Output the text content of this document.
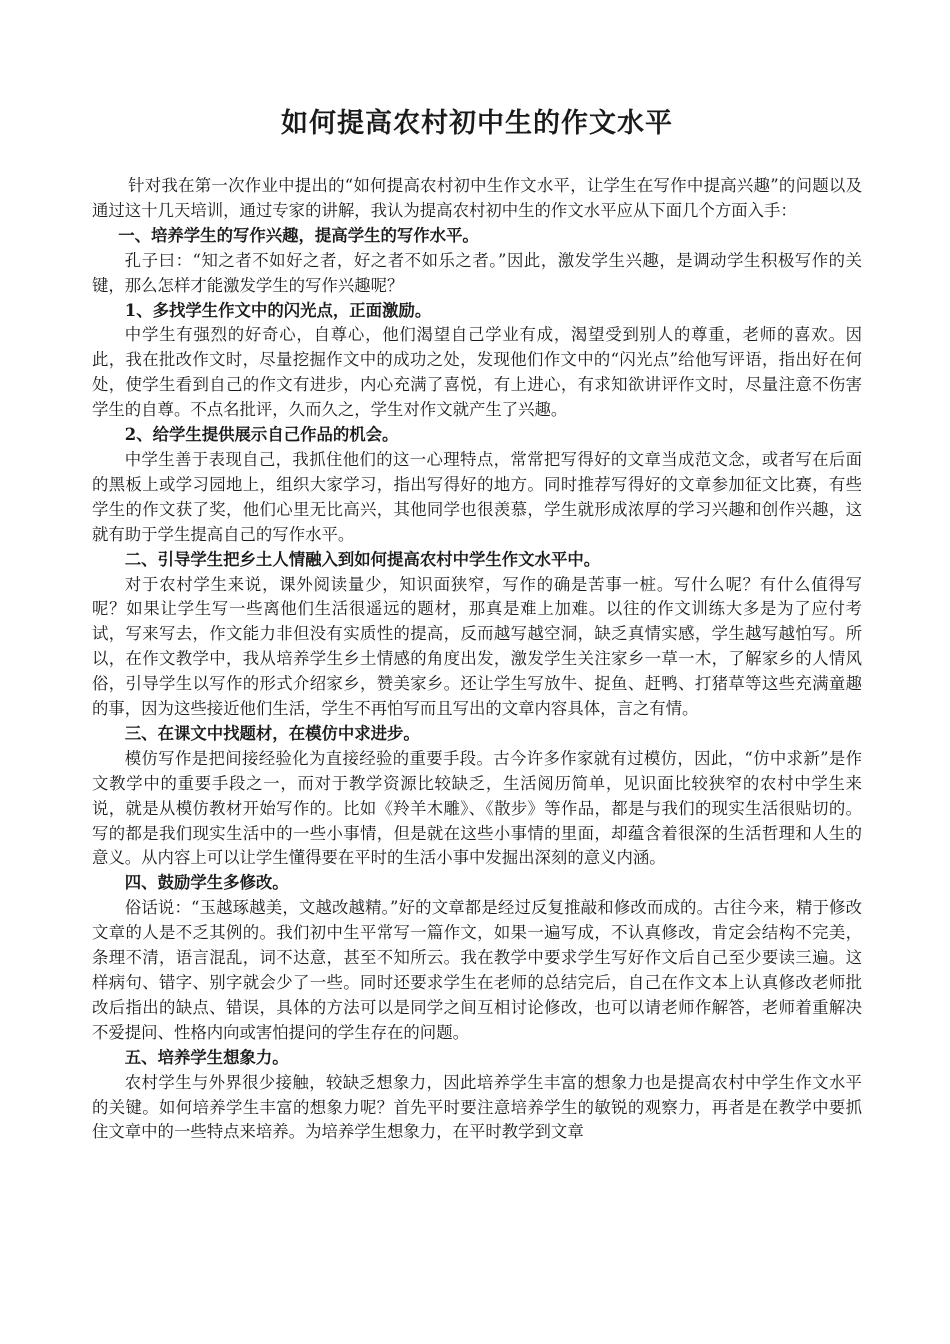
如何提高农村初中生的作文水平

针对我在第一次作业中提出的“如何提高农村初中生作文水平，让学生在写作中提高兴趣”的问题以及通过这十几天培训，通过专家的讲解，我认为提高农村初中生的作文水平应从下面几个方面入手：

一、培养学生的写作兴趣，提高学生的写作水平。

孔子曰：“知之者不如好之者，好之者不如乐之者。”因此，激发学生兴趣，是调动学生积极写作的关键，那么怎样才能激发学生的写作兴趣呢？

1、多找学生作文中的闪光点，正面激励。

中学生有强烈的好奇心，自尊心，他们渴望自己学业有成，渴望受到别人的尊重，老师的喜欢。因此，我在批改作文时，尽量挖掘作文中的成功之处，发现他们作文中的“闪光点”给他写评语，指出好在何处，使学生看到自己的作文有进步，内心充满了喜悦，有上进心，有求知欲讲评作文时，尽量注意不伤害学生的自尊。不点名批评，久而久之，学生对作文就产生了兴趣。

2、给学生提供展示自己作品的机会。

中学生善于表现自己，我抓住他们的这一心理特点，常常把写得好的文章当成范文念，或者写在后面的黑板上或学习园地上，组织大家学习，指出写得好的地方。同时推荐写得好的文章参加征文比赛，有些学生的作文获了奖，他们心里无比高兴，其他同学也很羡慕，学生就形成浓厚的学习兴趣和创作兴趣，这就有助于学生提高自己的写作水平。

二、引导学生把乡土人情融入到如何提高农村中学生作文水平中。

对于农村学生来说，课外阅读量少，知识面狭窄，写作的确是苦事一桩。写什么呢？有什么值得写呢？如果让学生写一些离他们生活很遥远的题材，那真是难上加难。以往的作文训练大多是为了应付考试，写来写去，作文能力非但没有实质性的提高，反而越写越空洞，缺乏真情实感，学生越写越怕写。所以，在作文教学中，我从培养学生乡土情感的角度出发，激发学生关注家乡一草一木，了解家乡的人情风俗，引导学生以写作的形式介绍家乡，赞美家乡。还让学生写放牛、捉鱼、赶鸭、打猪草等这些充满童趣的事，因为这些接近他们生活，学生不再怕写而且写出的文章内容具体，言之有情。

三、在课文中找题材，在模仿中求进步。

模仿写作是把间接经验化为直接经验的重要手段。古今许多作家就有过模仿，因此，“仿中求新”是作文教学中的重要手段之一，而对于教学资源比较缺乏，生活阅历简单，见识面比较狭窄的农村中学生来说，就是从模仿教材开始写作的。比如《羚羊木雕》、《散步》等作品，都是与我们的现实生活很贴切的。写的都是我们现实生活中的一些小事情，但是就在这些小事情的里面，却蕴含着很深的生活哲理和人生的意义。从内容上可以让学生懂得要在平时的生活小事中发掘出深刻的意义内涵。

四、鼓励学生多修改。

俗话说：“玉越琢越美，文越改越精。”好的文章都是经过反复推敲和修改而成的。古往今来，精于修改文章的人是不乏其例的。我们初中生平常写一篇作文，如果一遍写成，不认真修改，肯定会结构不完美，条理不清，语言混乱，词不达意，甚至不知所云。我在教学中要求学生写好作文后自己至少要读三遍。这样病句、错字、别字就会少了一些。同时还要求学生在老师的总结完后，自己在作文本上认真修改老师批改后指出的缺点、错误，具体的方法可以是同学之间互相讨论修改，也可以请老师作解答，老师着重解决不爱提问、性格内向或害怕提问的学生存在的问题。

五、培养学生想象力。

农村学生与外界很少接触，较缺乏想象力，因此培养学生丰富的想象力也是提高农村中学生作文水平的关键。如何培养学生丰富的想象力呢？首先平时要注意培养学生的敏锐的观察力，再者是在教学中要抓住文章中的一些特点来培养。为培养学生想象力，在平时教学到文章
